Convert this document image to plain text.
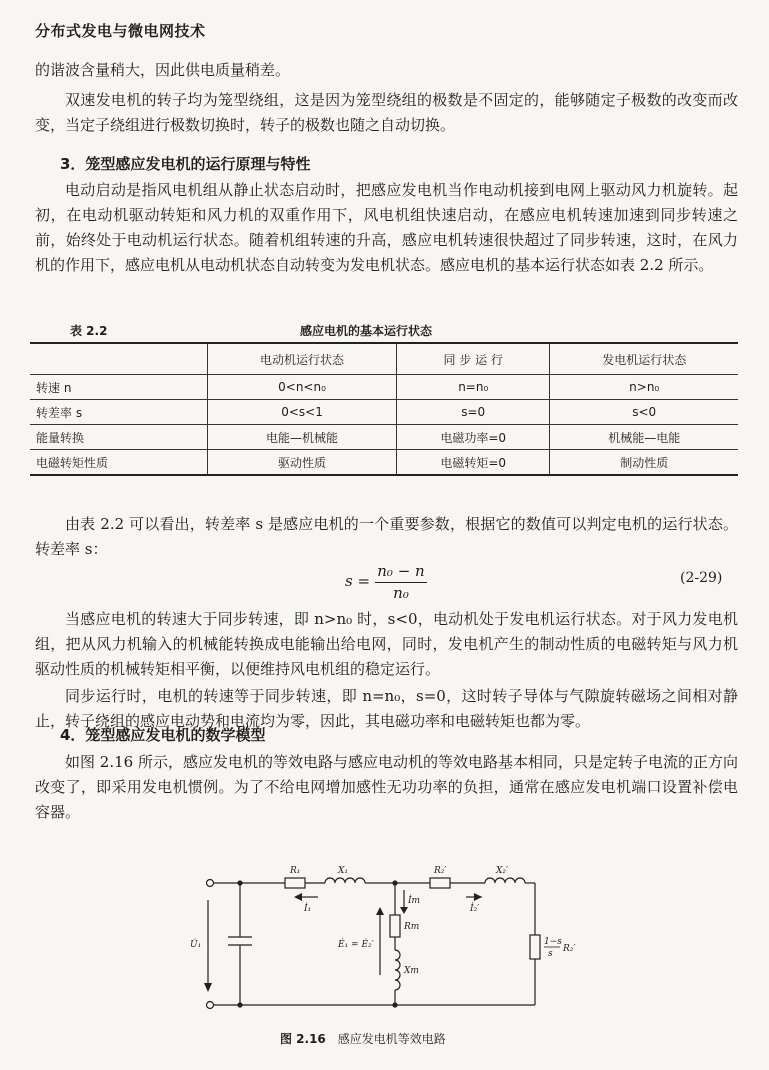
分布式发电与微电网技术

的谐波含量稍大，因此供电质量稍差。

双速发电机的转子均为笼型绕组，这是因为笼型绕组的极数是不固定的，能够随定子极数的改变而改变，当定子绕组进行极数切换时，转子的极数也随之自动切换。

3．笼型感应发电机的运行原理与特性

电动启动是指风电机组从静止状态启动时，把感应发电机当作电动机接到电网上驱动风力机旋转。起初，在电动机驱动转矩和风力机的双重作用下，风电机组快速启动，在感应电机转速加速到同步转速之前，始终处于电动机运行状态。随着机组转速的升高，感应电机转速很快超过了同步转速，这时，在风力机的作用下，感应电机从电动机状态自动转变为发电机状态。感应电机的基本运行状态如表 2.2 所示。

表 2.2	感应电机的基本运行状态
	电动机运行状态	同 步 运 行	发电机运行状态
转速 n	0<n<n₀	n=n₀	n>n₀
转差率 s	0<s<1	s=0	s<0
能量转换	电能—机械能	电磁功率=0	机械能—电能
电磁转矩性质	驱动性质	电磁转矩=0	制动性质

由表 2.2 可以看出，转差率 s 是感应电机的一个重要参数，根据它的数值可以判定电机的运行状态。转差率 s：

s =
n₀ − n
n₀
(2-29)

当感应电机的转速大于同步转速，即 n>n₀ 时，s<0，电动机处于发电机运行状态。对于风力发电机组，把从风力机输入的机械能转换成电能输出给电网，同时，发电机产生的制动性质的电磁转矩与风力机驱动性质的机械转矩相平衡，以便维持风电机组的稳定运行。

同步运行时，电机的转速等于同步转速，即 n=n₀，s=0，这时转子导体与气隙旋转磁场之间相对静止，转子绕组的感应电动势和电流均为零，因此，其电磁功率和电磁转矩也都为零。

4．笼型感应发电机的数学模型

如图 2.16 所示，感应发电机的等效电路与感应电动机的等效电路基本相同，只是定转子电流的正方向改变了，即采用发电机惯例。为了不给电网增加感性无功功率的负担，通常在感应发电机端口设置补偿电容器。

R₁	X₁	R₂′	X₂′
İ₁
İm
İ₂′
U̇₁	Ė₁ = Ė₂′
Rm
Xm
1−s
s R₂′
图 2.16 感应发电机等效电路
